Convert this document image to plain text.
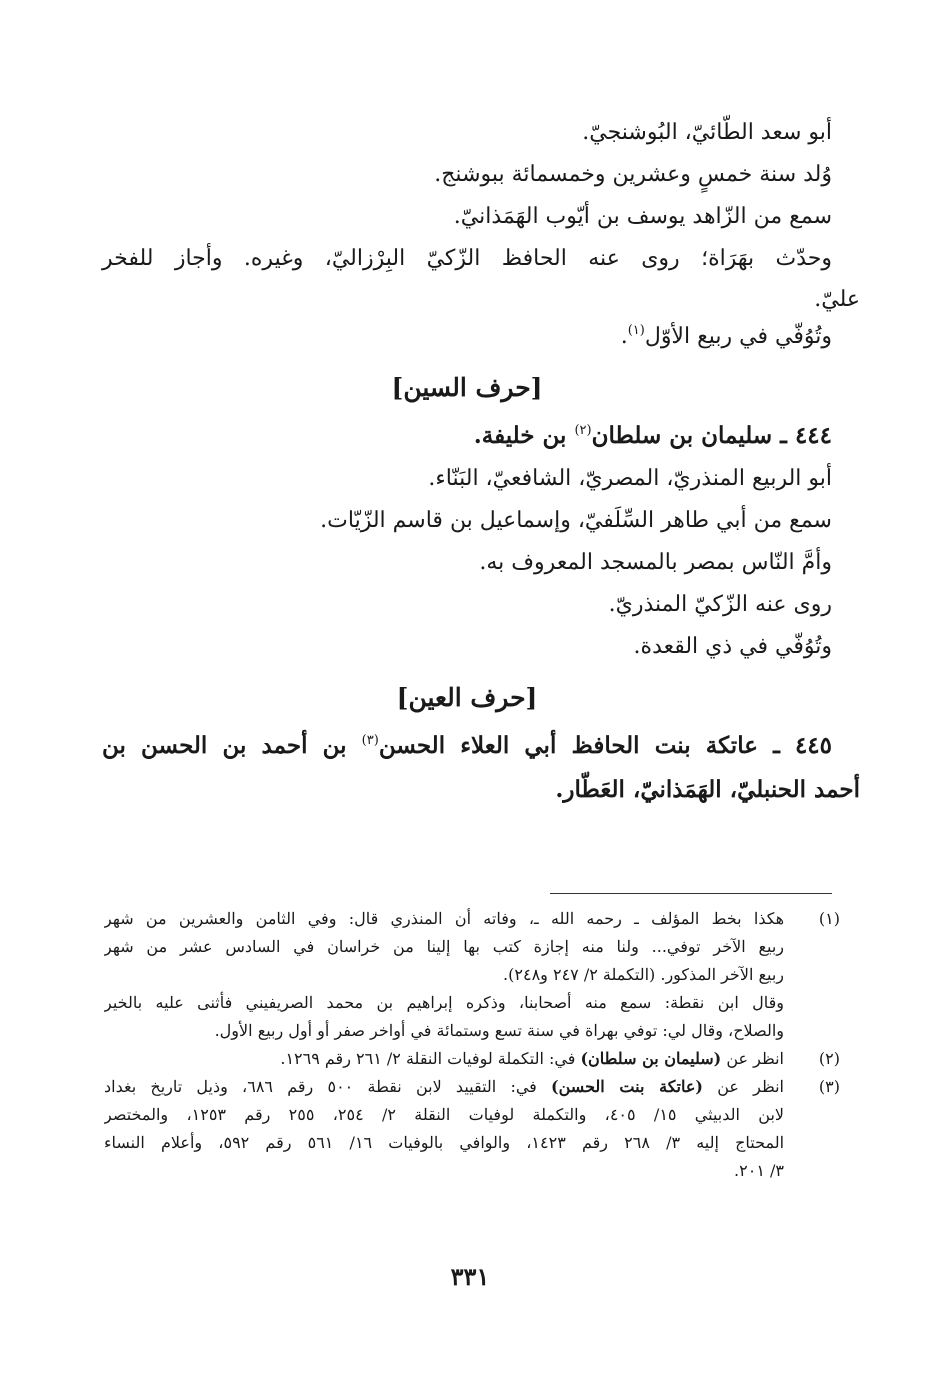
أبو سعد الطّائيّ، البُوشنجيّ.
وُلد سنة خمسٍ وعشرين وخمسمائة ببوشنج.
سمع من الزّاهد يوسف بن أيّوب الهَمَذانيّ.
وحدّث بهَرَاة؛ روى عنه الحافظ الزّكيّ البِرْزاليّ، وغيره. وأجاز للفخر
عليّ.
وتُوُفّي في ربيع الأوّل$^{(١)}$.
[حرف السين]
٤٤٤ ـ سليمان بن سلطان$^{(٢)}$ بن خليفة.
أبو الربيع المنذريّ، المصريّ، الشافعيّ، البَنّاء.
سمع من أبي طاهر السِّلَفيّ، وإسماعيل بن قاسم الزّيّات.
وأمَّ النّاس بمصر بالمسجد المعروف به.
روى عنه الزّكيّ المنذريّ.
وتُوُفّي في ذي القعدة.
[حرف العين]
٤٤٥ ـ عاتكة بنت الحافظ أبي العلاء الحسن$^{(٣)}$ بن أحمد بن الحسن بن
أحمد الحنبليّ، الهَمَذانيّ، العَطّار.
(١)
هكذا بخط المؤلف ـ رحمه الله ـ، وفاته أن المنذري قال: وفي الثامن والعشرين من شهر
ربيع الآخر توفي... ولنا منه إجازة كتب بها إلينا من خراسان في السادس عشر من شهر
ربيع الآخر المذكور. (التكملة ٢/ ٢٤٧ و٢٤٨).
وقال ابن نقطة: سمع منه أصحابنا، وذكره إبراهيم بن محمد الصريفيني فأثنى عليه بالخير
والصلاح، وقال لي: توفي بهراة في سنة تسع وستمائة في أواخر صفر أو أول ربيع الأول.
(٢)
انظر عن (سليمان بن سلطان) في: التكملة لوفيات النقلة ٢/ ٢٦١ رقم ١٢٦٩.
(٣)
انظر عن (عاتكة بنت الحسن) في: التقييد لابن نقطة ٥٠٠ رقم ٦٨٦، وذيل تاريخ بغداد
لابن الدبيثي ١٥/ ٤٠٥، والتكملة لوفيات النقلة ٢/ ٢٥٤، ٢٥٥ رقم ١٢٥٣، والمختصر
المحتاج إليه ٣/ ٢٦٨ رقم ١٤٢٣، والوافي بالوفيات ١٦/ ٥٦١ رقم ٥٩٢، وأعلام النساء
٣/ ٢٠١.
٣٣١
